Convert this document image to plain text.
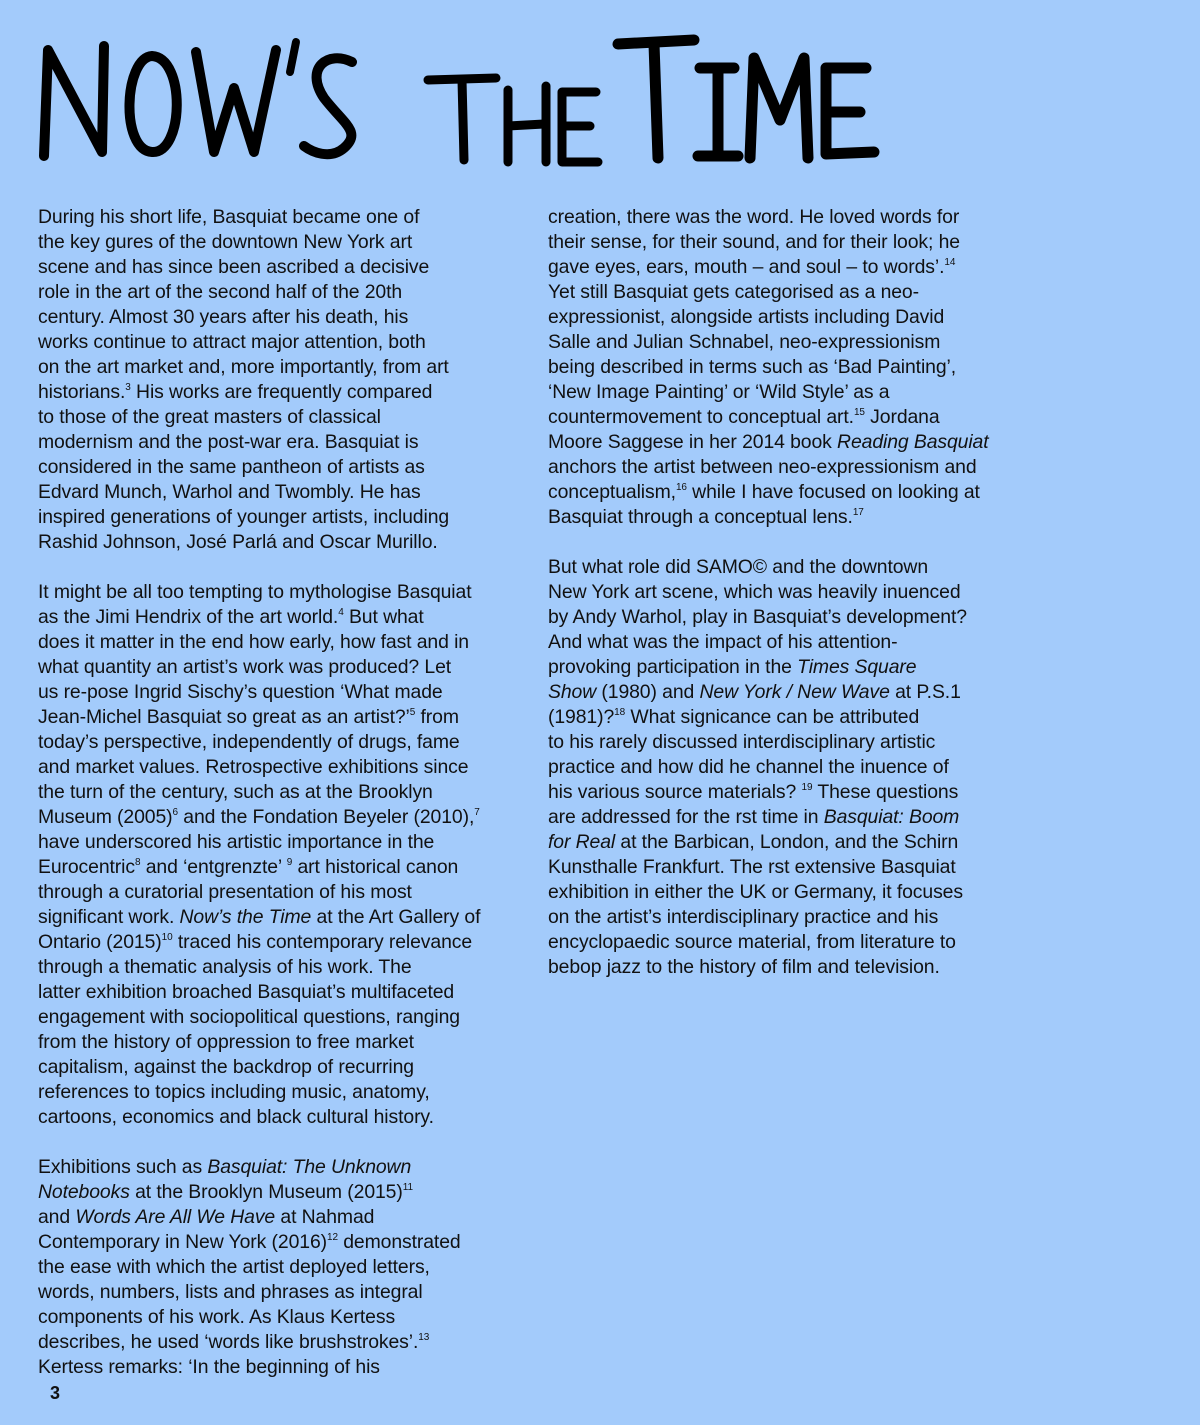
During his short life, Basquiat became one of
the key gures of the downtown New York art
scene and has since been ascribed a decisive
role in the art of the second half of the 20th
century. Almost 30 years after his death, his
works continue to attract major attention, both
on the art market and, more importantly, from art
historians.$^3$ His works are frequently compared
to those of the great masters of classical
modernism and the post-war era. Basquiat is
considered in the same pantheon of artists as
Edvard Munch, Warhol and Twombly. He has
inspired generations of younger artists, including
Rashid Johnson, José Parlá and Oscar Murillo.
It might be all too tempting to mythologise Basquiat
as the Jimi Hendrix of the art world.$^4$ But what
does it matter in the end how early, how fast and in
what quantity an artist’s work was produced? Let
us re-pose Ingrid Sischy’s question ‘What made
Jean-Michel Basquiat so great as an artist?’$^5$ from
today’s perspective, independently of drugs, fame
and market values. Retrospective exhibitions since
the turn of the century, such as at the Brooklyn
Museum $(2005)^6$ and the Fondation Beyeler (2010),$^7$
have underscored his artistic importance in the
Eurocentric$^8$ and ‘entgrenzte’ $^9$ art historical canon
through a curatorial presentation of his most
significant work. Now’s the Time at the Art Gallery of
Ontario $(2015)^{10}$ traced his contemporary relevance
through a thematic analysis of his work. The
latter exhibition broached Basquiat’s multifaceted
engagement with sociopolitical questions, ranging
from the history of oppression to free market
capitalism, against the backdrop of recurring
references to topics including music, anatomy,
cartoons, economics and black cultural history.
Exhibitions such as Basquiat: The Unknown
Notebooks at the Brooklyn Museum $(2015)^{11}$
and Words Are All We Have at Nahmad
Contemporary in New York $(2016)^{12}$ demonstrated
the ease with which the artist deployed letters,
words, numbers, lists and phrases as integral
components of his work. As Klaus Kertess
describes, he used ‘words like brushstrokes’.$^{13}$
Kertess remarks: ‘In the beginning of his
creation, there was the word. He loved words for
their sense, for their sound, and for their look; he
gave eyes, ears, mouth – and soul – to words’.$^{14}$
Yet still Basquiat gets categorised as a neo-
expressionist, alongside artists including David
Salle and Julian Schnabel, neo-expressionism
being described in terms such as ‘Bad Painting’,
‘New Image Painting’ or ‘Wild Style’ as a
countermovement to conceptual art.$^{15}$ Jordana
Moore Saggese in her 2014 book Reading Basquiat
anchors the artist between neo-expressionism and
conceptualism,$^{16}$ while I have focused on looking at
Basquiat through a conceptual lens.$^{17}$
But what role did SAMO© and the downtown
New York art scene, which was heavily inuenced
by Andy Warhol, play in Basquiat’s development?
And what was the impact of his attention-
provoking participation in the Times Square
Show (1980) and New York / New Wave at P.S.1
(1981)?$^{18}$ What signicance can be attributed
to his rarely discussed interdisciplinary artistic
practice and how did he channel the inuence of
his various source materials? $^{19}$ These questions
are addressed for the rst time in Basquiat: Boom
for Real at the Barbican, London, and the Schirn
Kunsthalle Frankfurt. The rst extensive Basquiat
exhibition in either the UK or Germany, it focuses
on the artist’s interdisciplinary practice and his
encyclopaedic source material, from literature to
bebop jazz to the history of film and television.
3
